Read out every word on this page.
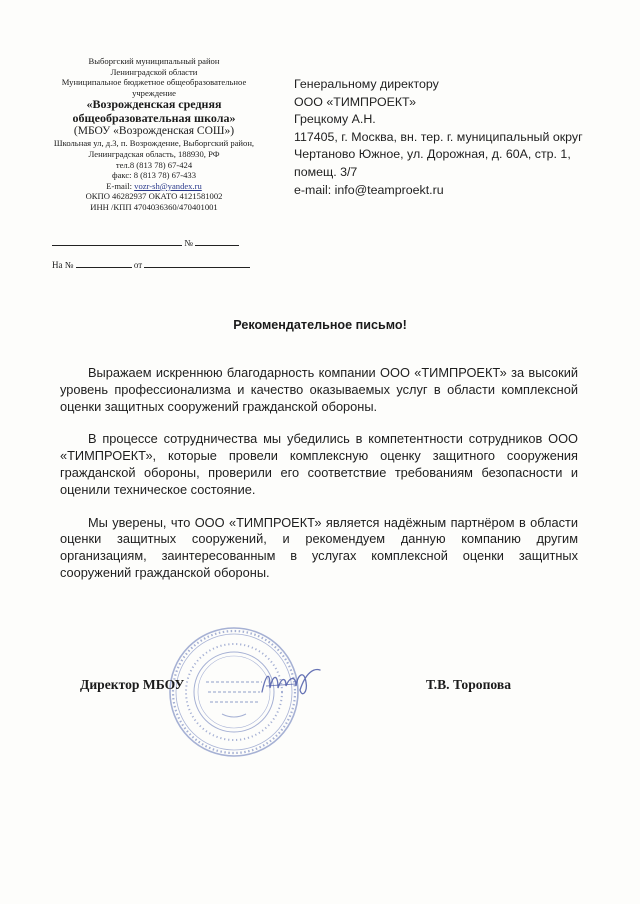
Выборгский муниципальный район
Ленинградской области
Муниципальное бюджетное общеобразовательное
учреждение
«Возрожденская средняя
общеобразовательная школа»
(МБОУ «Возрожденская СОШ»)
Школьная ул, д.3, п. Возрождение, Выборгский район,
Ленинградская область, 188930, РФ
тел.8 (813 78) 67-424
факс: 8 (813 78) 67-433
E-mail: vozr-sh@yandex.ru
ОКПО 46282937 ОКАТО 4121581002
ИНН /КПП 4704036360/470401001
№
На №	от
Генеральному директору
ООО «ТИМПРОЕКТ»
Грецкому А.Н.
117405, г. Москва, вн. тер. г. муниципальный округ
Чертаново Южное, ул. Дорожная, д. 60А, стр. 1,
помещ. 3/7
e-mail: info@teamproekt.ru
Рекомендательное письмо!

Выражаем искреннюю благодарность компании ООО «ТИМПРОЕКТ» за высокий уровень профессионализма и качество оказываемых услуг в области комплексной оценки защитных сооружений гражданской обороны.

В процессе сотрудничества мы убедились в компетентности сотрудников ООО «ТИМПРОЕКТ», которые провели комплексную оценку защитного сооружения гражданской обороны, проверили его соответствие требованиям безопасности и оценили техническое состояние.

Мы уверены, что ООО «ТИМПРОЕКТ» является надёжным партнёром в области оценки защитных сооружений, и рекомендуем данную компанию другим организациям, заинтересованным в услугах комплексной оценки защитных сооружений гражданской обороны.

Директор МБОУ	Т.В. Торопова
